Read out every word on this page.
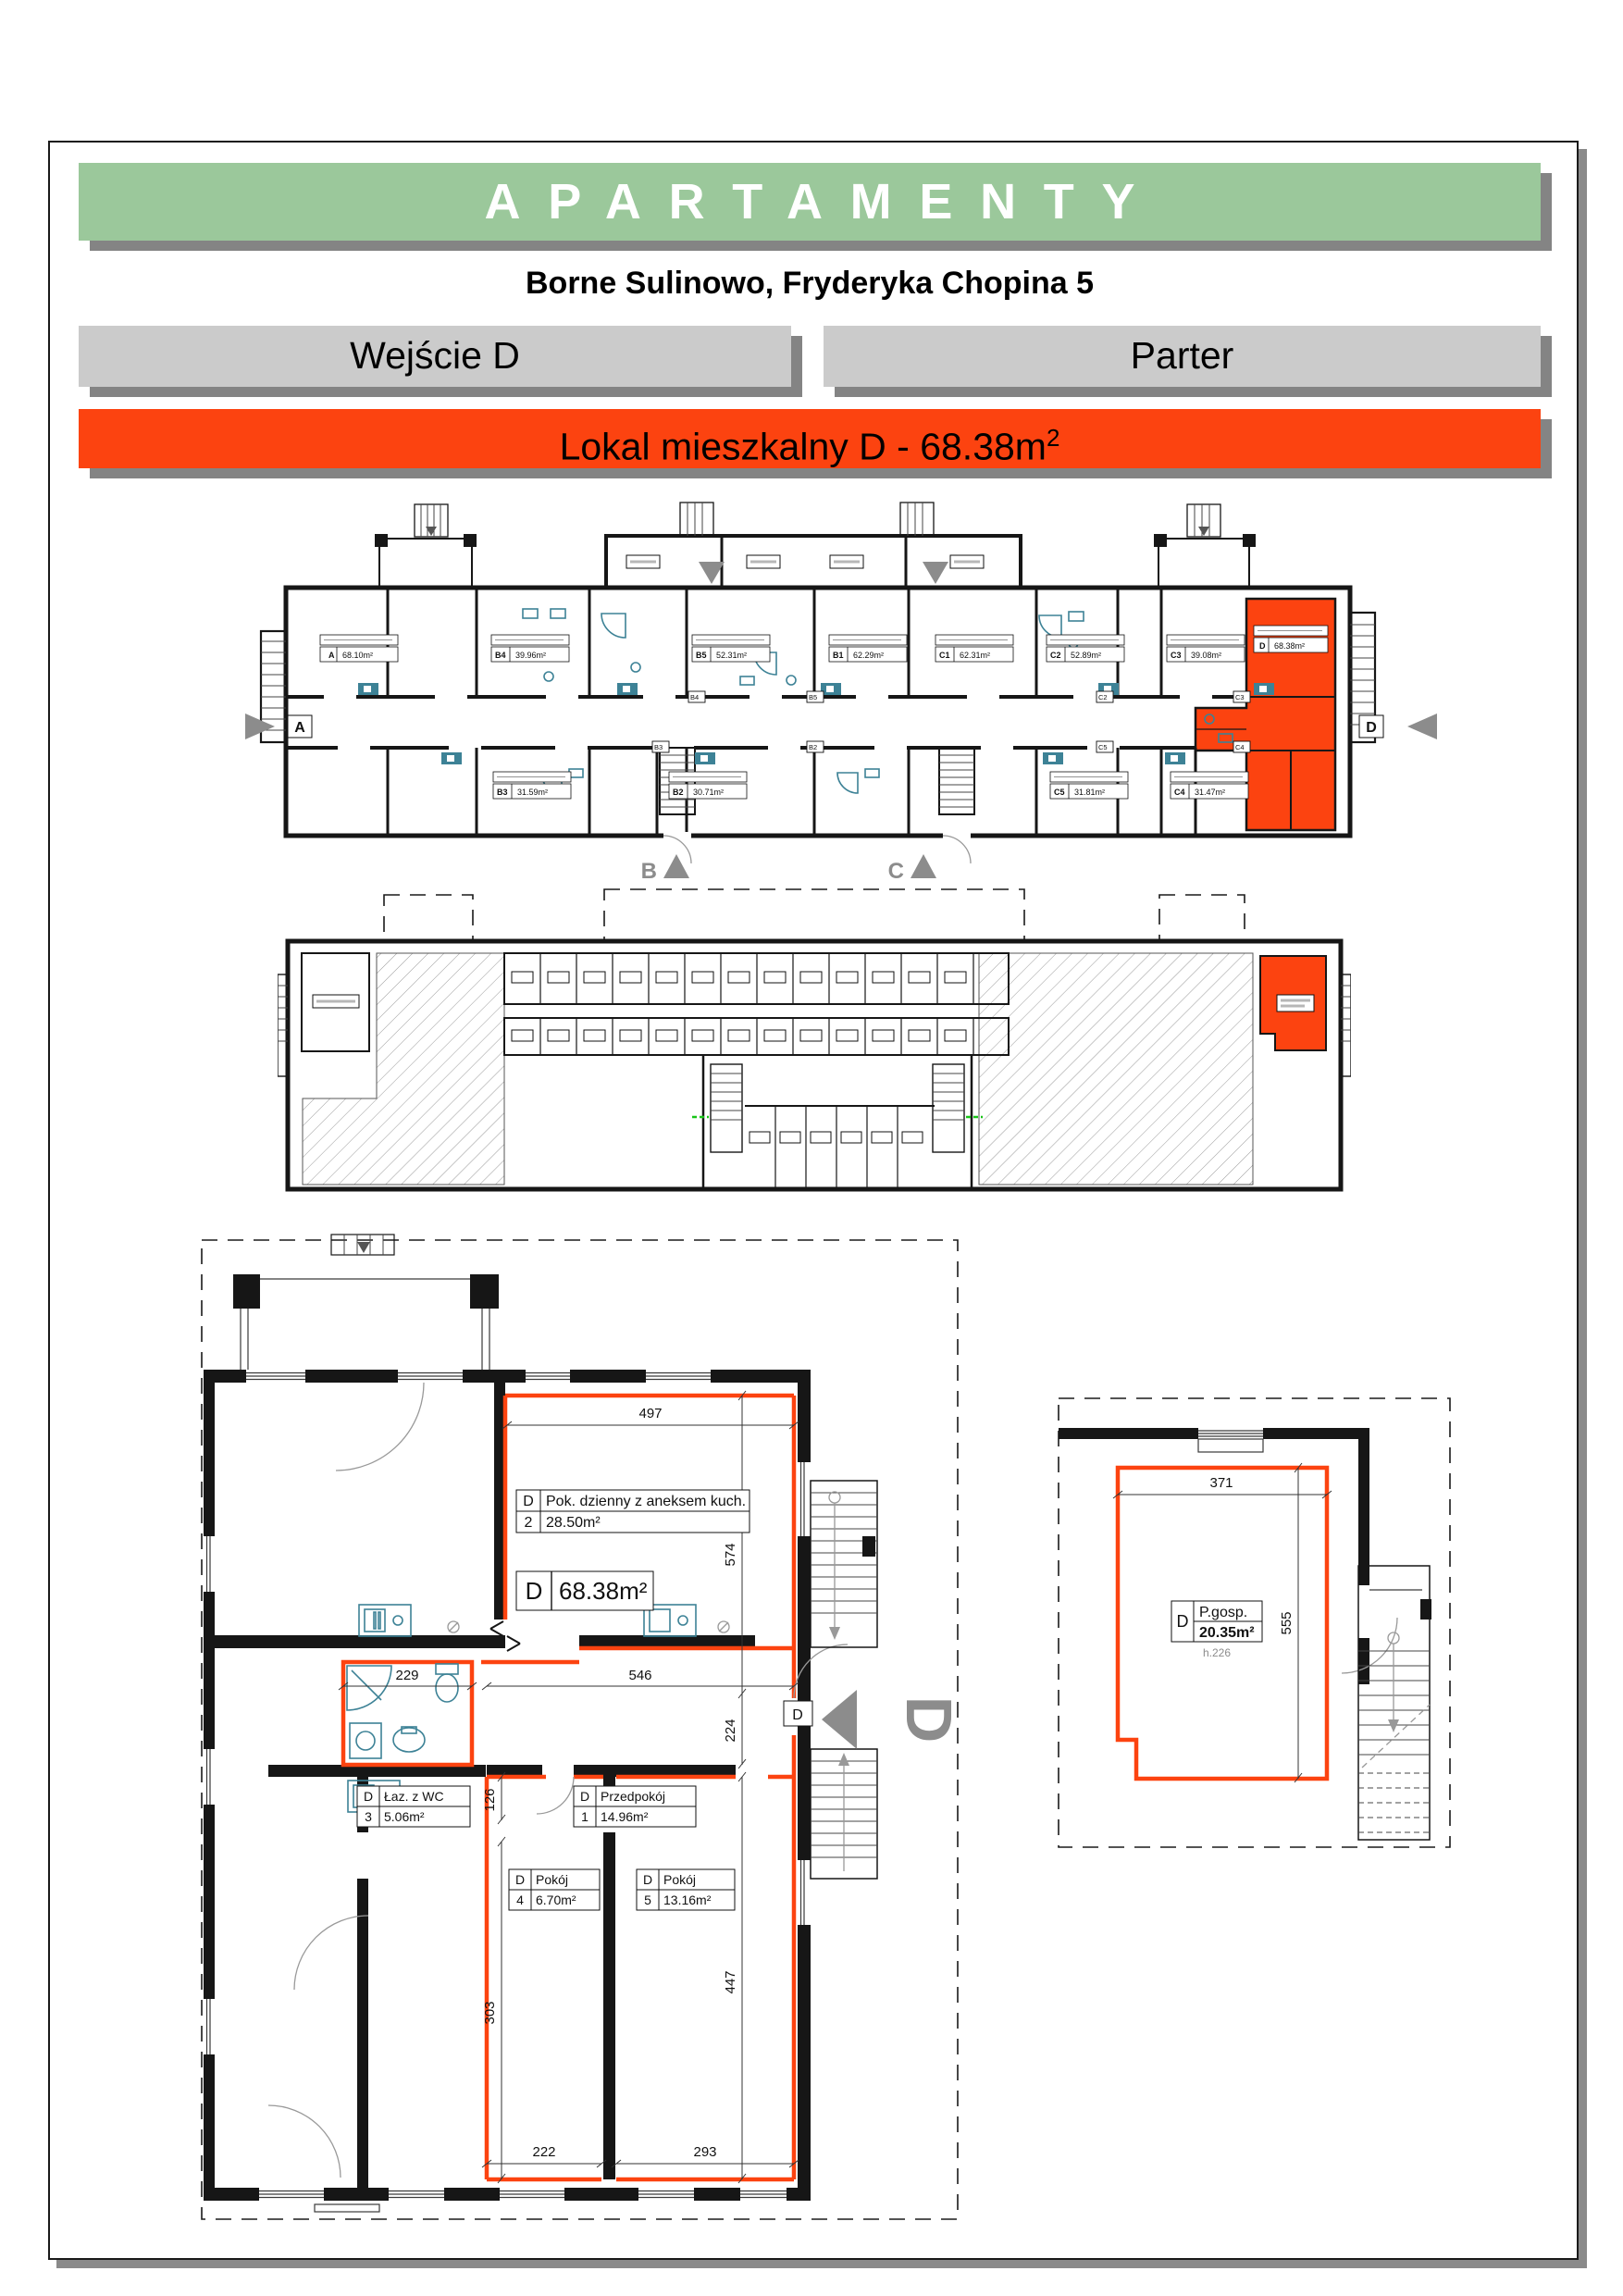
APARTAMENTY
Borne Sulinowo, Fryderyka Chopina 5
Wejście D	Parter
Lokal mieszkalny D - $68.38m^2$
A 68.10m²	B4 39.96m²	B5 52.31m²	B1 62.29m²	C1 62.31m²	C2 52.89m²	C3 39.08m²
D 68.38m²
B3 31.59m²	B2 30.71m²	C5 31.81m²	C4 31.47m²
B4	B5	C2	C3
B3	B2	C5	C4
A	D
B	C
497
574
224
229	546
126
303
447
222	293
D Pok. dzienny z aneksem kuch.
2 28.50m²
D 68.38m²
D Łaz. z WC
3 5.06m²
D Przedpokój
1 14.96m²
D Pokój
4 6.70m²
D Pokój
5 13.16m²
D D
371
555
D P.gosp.
20.35m²
h.226
